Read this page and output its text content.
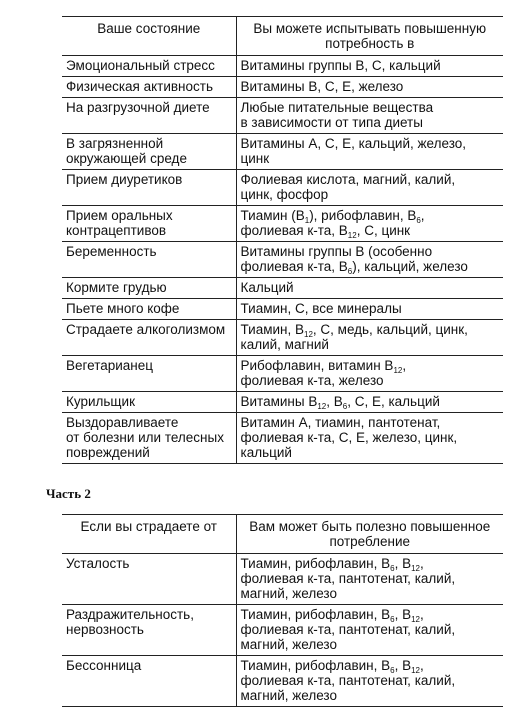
Ваше состояние	Вы можете испытывать повышенную
потребность в

Эмоциональный стресс	Витамины группы В, С, кальций

Физическая активность	Витамины В, С, Е, железо

На разгрузочной диете	Любые питательные вещества
в зависимости от типа диеты

В загрязненной
окружающей среде	Витамины А, С, Е, кальций, железо,
цинк

Прием диуретиков	Фолиевая кислота, магний, калий,
цинк, фосфор

Прием оральных
контрацептивов	Тиамин $(В_1)$, рибофлавин, $В_6$,
фолиевая к-та, $В_{12}$, С, цинк

Беременность	Витамины группы В (особенно
фолиевая к-та, $В_6$), кальций, железо

Кормите грудью	Кальций

Пьете много кофе	Тиамин, С, все минералы

Страдаете алкоголизмом	Тиамин, $В_{12}$, С, медь, кальций, цинк,
калий, магний

Вегетарианец	Рибофлавин, витамин $В_{12}$,
фолиевая к-та, железо

Курильщик	Витамины $В_{12}$, $В_6$, С, Е, кальций

Выздоравливаете
от болезни или телесных
повреждений	Витамин А, тиамин, пантотенат,
фолиевая к-та, С, Е, железо, цинк,
кальций
Часть 2
Если вы страдаете от	Вам может быть полезно повышенное
потребление

Усталость	Тиамин, рибофлавин, $В_6$, $В_{12}$,
фолиевая к-та, пантотенат, калий,
магний, железо

Раздражительность,
нервозность	Тиамин, рибофлавин, $В_6$, $В_{12}$,
фолиевая к-та, пантотенат, калий,
магний, железо

Бессонница	Тиамин, рибофлавин, $В_6$, $В_{12}$,
фолиевая к-та, пантотенат, калий,
магний, железо
